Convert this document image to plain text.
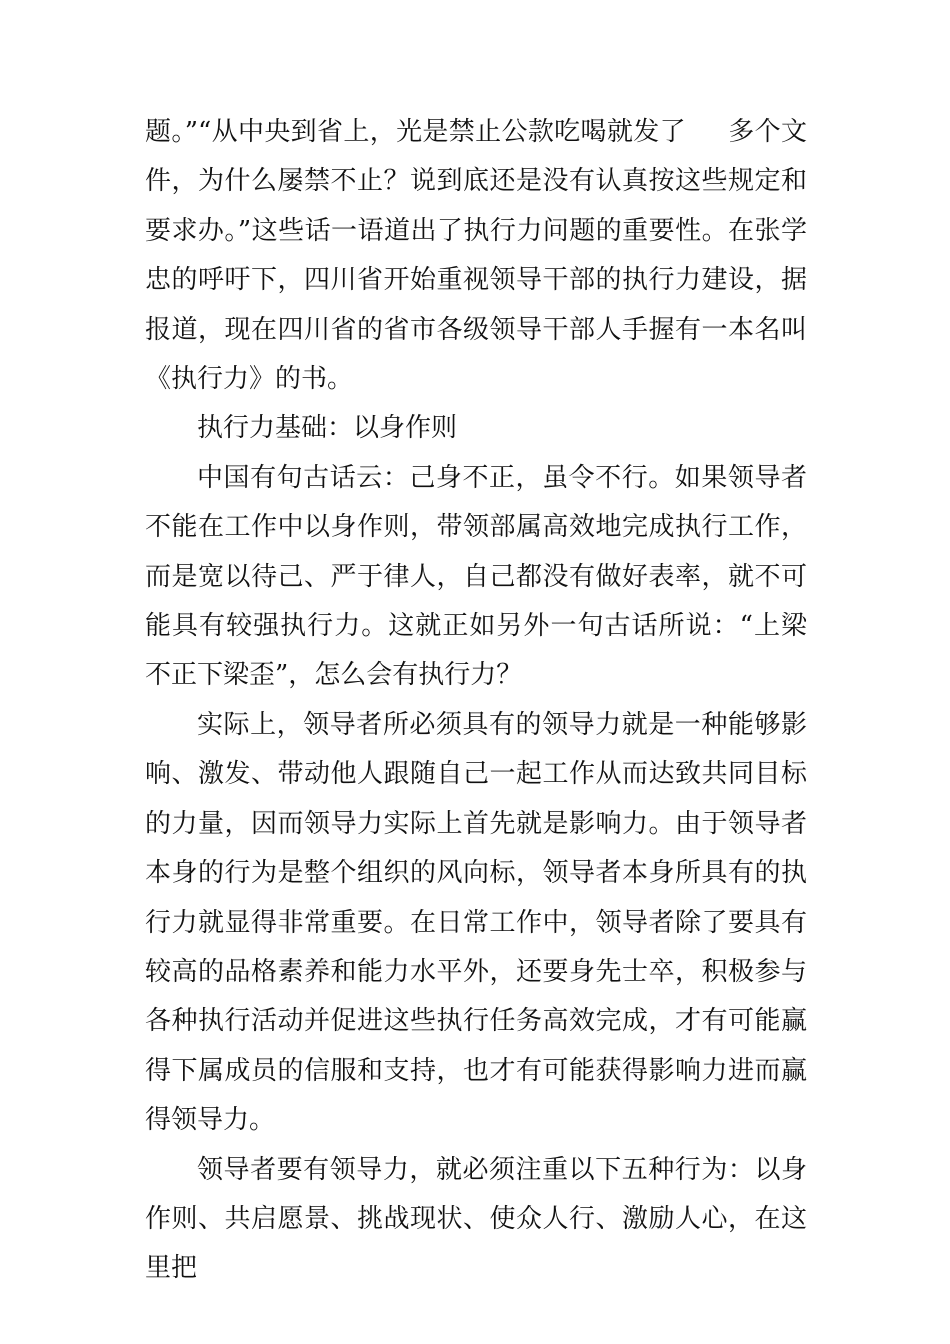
题。”“从中央到省上，光是禁止公款吃喝就发了 多个文件，为什么屡禁不止？说到底还是没有认真按这些规定和要求办。”这些话一语道出了执行力问题的重要性。在张学忠的呼吁下，四川省开始重视领导干部的执行力建设，据报道，现在四川省的省市各级领导干部人手握有一本名叫《执行力》的书。

执行力基础：以身作则

中国有句古话云：己身不正，虽令不行。如果领导者不能在工作中以身作则，带领部属高效地完成执行工作，而是宽以待己、严于律人，自己都没有做好表率，就不可能具有较强执行力。这就正如另外一句古话所说：“上梁不正下梁歪”，怎么会有执行力？

实际上，领导者所必须具有的领导力就是一种能够影响、激发、带动他人跟随自己一起工作从而达致共同目标的力量，因而领导力实际上首先就是影响力。由于领导者本身的行为是整个组织的风向标，领导者本身所具有的执行力就显得非常重要。在日常工作中，领导者除了要具有较高的品格素养和能力水平外，还要身先士卒，积极参与各种执行活动并促进这些执行任务高效完成，才有可能赢得下属成员的信服和支持，也才有可能获得影响力进而赢得领导力。

领导者要有领导力，就必须注重以下五种行为：以身作则、共启愿景、挑战现状、使众人行、激励人心，在这里把
